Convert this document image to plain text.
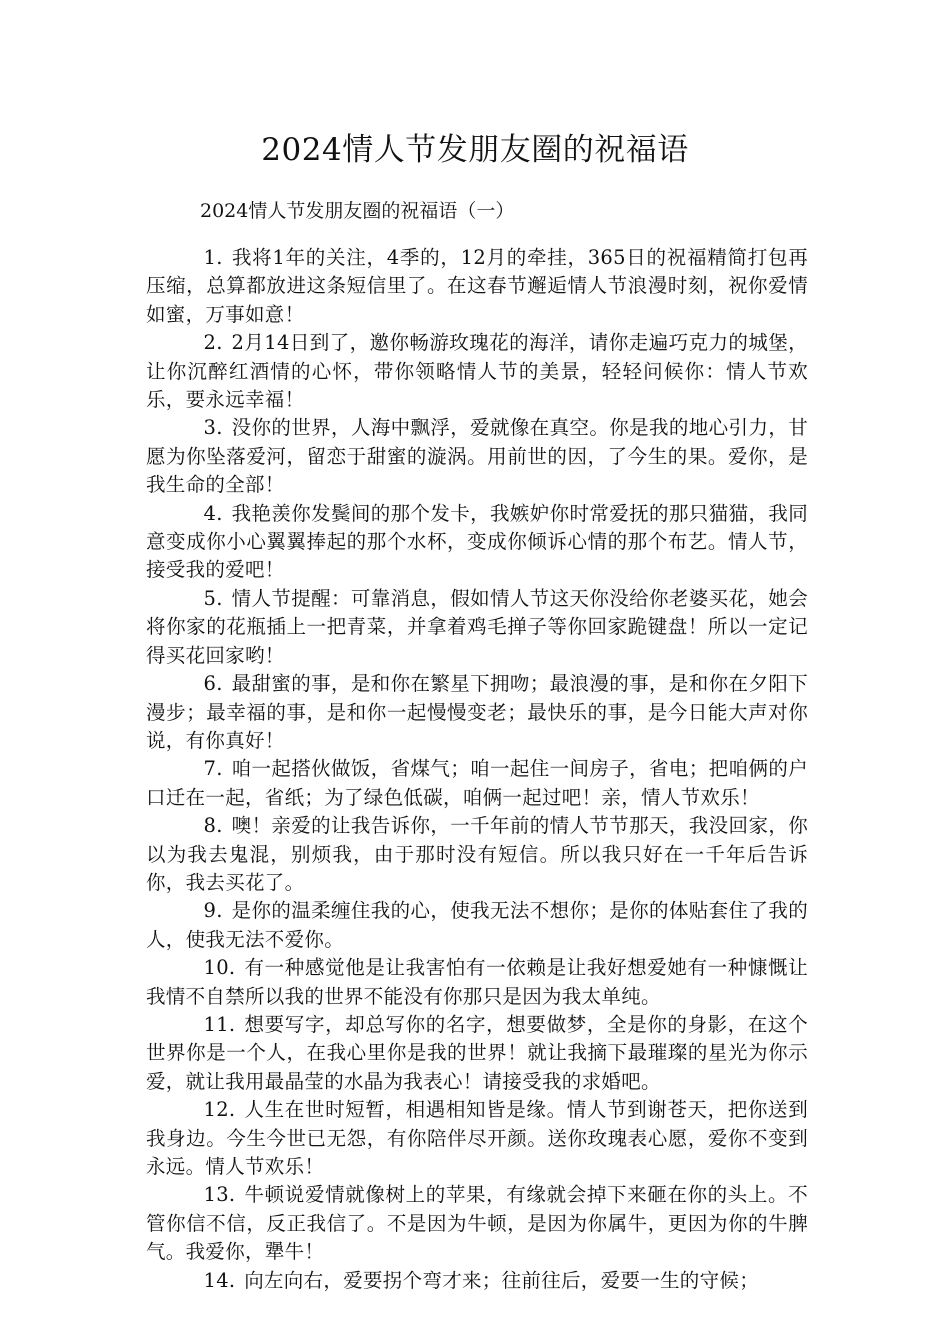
2024情人节发朋友圈的祝福语

2024情人节发朋友圈的祝福语（一）

1. 我将1年的关注，4季的，12月的牵挂，365日的祝福精简打包再压缩，总算都放进这条短信里了。在这春节邂逅情人节浪漫时刻，祝你爱情如蜜，万事如意！

2. 2月14日到了，邀你畅游玫瑰花的海洋，请你走遍巧克力的城堡，让你沉醉红酒情的心怀，带你领略情人节的美景，轻轻问候你：情人节欢乐，要永远幸福！

3. 没你的世界，人海中飘浮，爱就像在真空。你是我的地心引力，甘愿为你坠落爱河，留恋于甜蜜的漩涡。用前世的因，了今生的果。爱你，是我生命的全部！

4. 我艳羡你发鬓间的那个发卡，我嫉妒你时常爱抚的那只猫猫，我同意变成你小心翼翼捧起的那个水杯，变成你倾诉心情的那个布艺。情人节，接受我的爱吧！

5. 情人节提醒：可靠消息，假如情人节这天你没给你老婆买花，她会将你家的花瓶插上一把青菜，并拿着鸡毛掸子等你回家跪键盘！所以一定记得买花回家哟！

6. 最甜蜜的事，是和你在繁星下拥吻；最浪漫的事，是和你在夕阳下漫步；最幸福的事，是和你一起慢慢变老；最快乐的事，是今日能大声对你说，有你真好！

7. 咱一起搭伙做饭，省煤气；咱一起住一间房子，省电；把咱俩的户口迁在一起，省纸；为了绿色低碳，咱俩一起过吧！亲，情人节欢乐！

8. 噢！亲爱的让我告诉你，一千年前的情人节节那天，我没回家，你以为我去鬼混，别烦我，由于那时没有短信。所以我只好在一千年后告诉你，我去买花了。

9. 是你的温柔缠住我的心，使我无法不想你；是你的体贴套住了我的人，使我无法不爱你。

10. 有一种感觉他是让我害怕有一依赖是让我好想爱她有一种慷慨让我情不自禁所以我的世界不能没有你那只是因为我太单纯。

11. 想要写字，却总写你的名字，想要做梦，全是你的身影，在这个世界你是一个人，在我心里你是我的世界！就让我摘下最璀璨的星光为你示爱，就让我用最晶莹的水晶为我表心！请接受我的求婚吧。

12. 人生在世时短暂，相遇相知皆是缘。情人节到谢苍天，把你送到我身边。今生今世已无怨，有你陪伴尽开颜。送你玫瑰表心愿，爱你不变到永远。情人节欢乐！

13. 牛顿说爱情就像树上的苹果，有缘就会掉下来砸在你的头上。不管你信不信，反正我信了。不是因为牛顿，是因为你属牛，更因为你的牛脾气。我爱你，犟牛！

14. 向左向右，爱要拐个弯才来；往前往后，爱要一生的守候；
